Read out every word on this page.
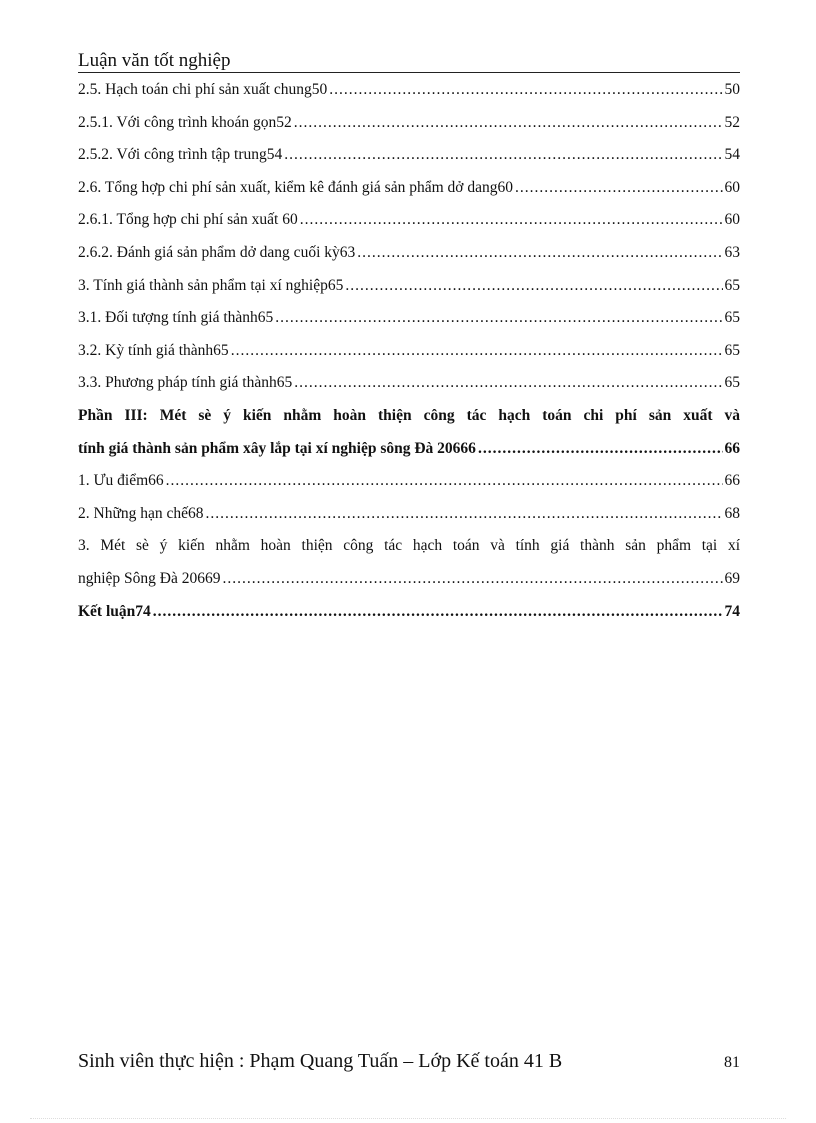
Luận văn tốt nghiệp
2.5. Hạch toán chi phí sản xuất chung50 .....	50
2.5.1. Với công trình khoán gọn52 .....	52
2.5.2. Với công trình tập trung54 .....	54
2.6. Tổng hợp chi phí sản xuất, kiểm kê đánh giá sản phẩm dở dang60 .....	60
2.6.1. Tổng hợp chi phí sản xuất 60 .....	60
2.6.2. Đánh giá sản phẩm dở dang cuối kỳ63 .....	63
3. Tính giá thành sản phẩm tại xí nghiệp65 .....	65
3.1. Đối tượng tính giá thành65 .....	65
3.2. Kỳ tính giá thành65 .....	65
3.3. Phương pháp tính giá thành65 .....	65
Phần III: Mét sè ý kiến nhằm hoàn thiện công tác hạch toán chi phí sản xuất và
tính giá thành sản phẩm xây lắp tại xí nghiệp sông Đà 20666 .....	66
1. Ưu điểm66 .....	66
2. Những hạn chế68 .....	68
3. Mét sè ý kiến nhằm hoàn thiện công tác hạch toán và tính giá thành sản phẩm tại xí
nghiệp Sông Đà 20669 .....	69
Kết luận74 .....	74
Sinh viên thực hiện : Phạm Quang Tuấn – Lớp Kế toán 41 B	81
